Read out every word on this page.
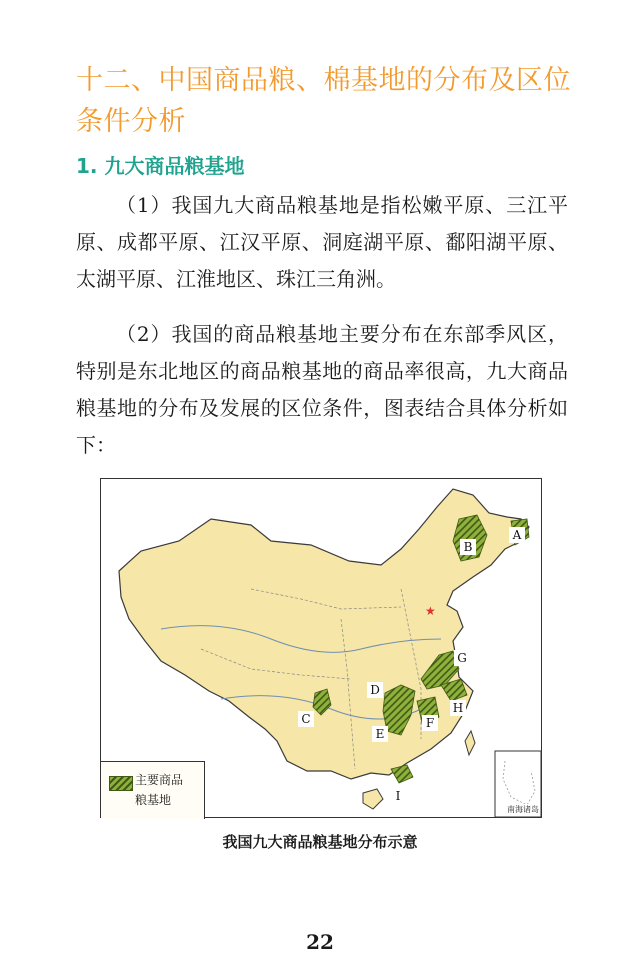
十二、中国商品粮、棉基地的分布及区位条件分析
1. 九大商品粮基地

（1）我国九大商品粮基地是指松嫩平原、三江平原、成都平原、江汉平原、洞庭湖平原、鄱阳湖平原、太湖平原、江淮地区、珠江三角洲。

（2）我国的商品粮基地主要分布在东部季风区，特别是东北地区的商品粮基地的商品率很高，九大商品粮基地的分布及发展的区位条件，图表结合具体分析如下：

★
A
B
C
D
E
F
G
H
I
主要商品
粮基地
南海诸岛
我国九大商品粮基地分布示意
22
